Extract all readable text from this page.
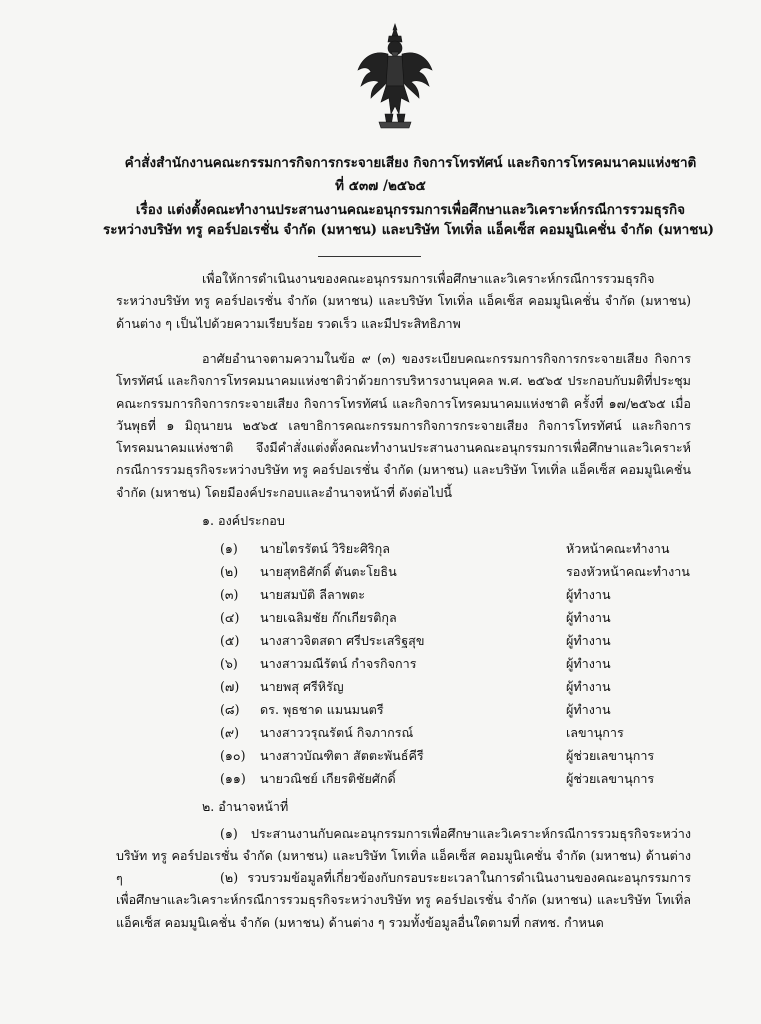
คำสั่งสำนักงานคณะกรรมการกิจการกระจายเสียง กิจการโทรทัศน์ และกิจการโทรคมนาคมแห่งชาติ
ที่ ๕๓๗ /๒๕๖๕
เรื่อง แต่งตั้งคณะทำงานประสานงานคณะอนุกรรมการเพื่อศึกษาและวิเคราะห์กรณีการรวมธุรกิจ
ระหว่างบริษัท ทรู คอร์ปอเรชั่น จำกัด (มหาชน) และบริษัท โทเทิ่ล แอ็คเซ็ส คอมมูนิเคชั่น จำกัด (มหาชน)

เพื่อให้การดำเนินงานของคณะอนุกรรมการเพื่อศึกษาและวิเคราะห์กรณีการรวมธุรกิจระหว่างบริษัท ทรู คอร์ปอเรชั่น จำกัด (มหาชน) และบริษัท โทเทิ่ล แอ็คเซ็ส คอมมูนิเคชั่น จำกัด (มหาชน) ด้านต่าง ๆ เป็นไปด้วยความเรียบร้อย รวดเร็ว และมีประสิทธิภาพ

อาศัยอำนาจตามความในข้อ ๙ (๓) ของระเบียบคณะกรรมการกิจการกระจายเสียง กิจการโทรทัศน์ และกิจการโทรคมนาคมแห่งชาติว่าด้วยการบริหารงานบุคคล พ.ศ. ๒๕๖๕ ประกอบกับมติที่ประชุมคณะกรรมการกิจการกระจายเสียง กิจการโทรทัศน์ และกิจการโทรคมนาคมแห่งชาติ ครั้งที่ ๑๗/๒๕๖๕ เมื่อวันพุธที่ ๑ มิถุนายน ๒๕๖๕ เลขาธิการคณะกรรมการกิจการกระจายเสียง กิจการโทรทัศน์ และกิจการโทรคมนาคมแห่งชาติ จึงมีคำสั่งแต่งตั้งคณะทำงานประสานงานคณะอนุกรรมการเพื่อศึกษาและวิเคราะห์กรณีการรวมธุรกิจระหว่างบริษัท ทรู คอร์ปอเรชั่น จำกัด (มหาชน) และบริษัท โทเทิ่ล แอ็คเซ็ส คอมมูนิเคชั่น จำกัด (มหาชน) โดยมีองค์ประกอบและอำนาจหน้าที่ ดังต่อไปนี้

๑. องค์ประกอบ
(๑) นายไตรรัตน์ วิริยะศิริกุล	หัวหน้าคณะทำงาน
(๒) นายสุทธิศักดิ์ ตันตะโยธิน	รองหัวหน้าคณะทำงาน
(๓) นายสมบัติ ลีลาพตะ	ผู้ทำงาน
(๔) นายเฉลิมชัย ก๊กเกียรติกุล	ผู้ทำงาน
(๕) นางสาวจิตสดา ศรีประเสริฐสุข	ผู้ทำงาน
(๖) นางสาวมณีรัตน์ กำจรกิจการ	ผู้ทำงาน
(๗) นายพสุ ศรีหิรัญ	ผู้ทำงาน
(๘) ดร. พุธชาด แมนมนตรี	ผู้ทำงาน
(๙) นางสาววรุณรัตน์ กิจภากรณ์	เลขานุการ
(๑๐) นางสาวบัณฑิตา สัตตะพันธ์คีรี	ผู้ช่วยเลขานุการ
(๑๑) นายวณิชย์ เกียรติชัยศักดิ์	ผู้ช่วยเลขานุการ
๒. อำนาจหน้าที่

(๑) ประสานงานกับคณะอนุกรรมการเพื่อศึกษาและวิเคราะห์กรณีการรวมธุรกิจระหว่างบริษัท ทรู คอร์ปอเรชั่น จำกัด (มหาชน) และบริษัท โทเทิ่ล แอ็คเซ็ส คอมมูนิเคชั่น จำกัด (มหาชน) ด้านต่าง ๆ	(๒) รวบรวมข้อมูลที่เกี่ยวข้องกับกรอบระยะเวลาในการดำเนินงานของคณะอนุกรรมการเพื่อศึกษาและวิเคราะห์กรณีการรวมธุรกิจระหว่างบริษัท ทรู คอร์ปอเรชั่น จำกัด (มหาชน) และบริษัท โทเทิ่ล แอ็คเซ็ส คอมมูนิเคชั่น จำกัด (มหาชน) ด้านต่าง ๆ รวมทั้งข้อมูลอื่นใดตามที่ กสทช. กำหนด
